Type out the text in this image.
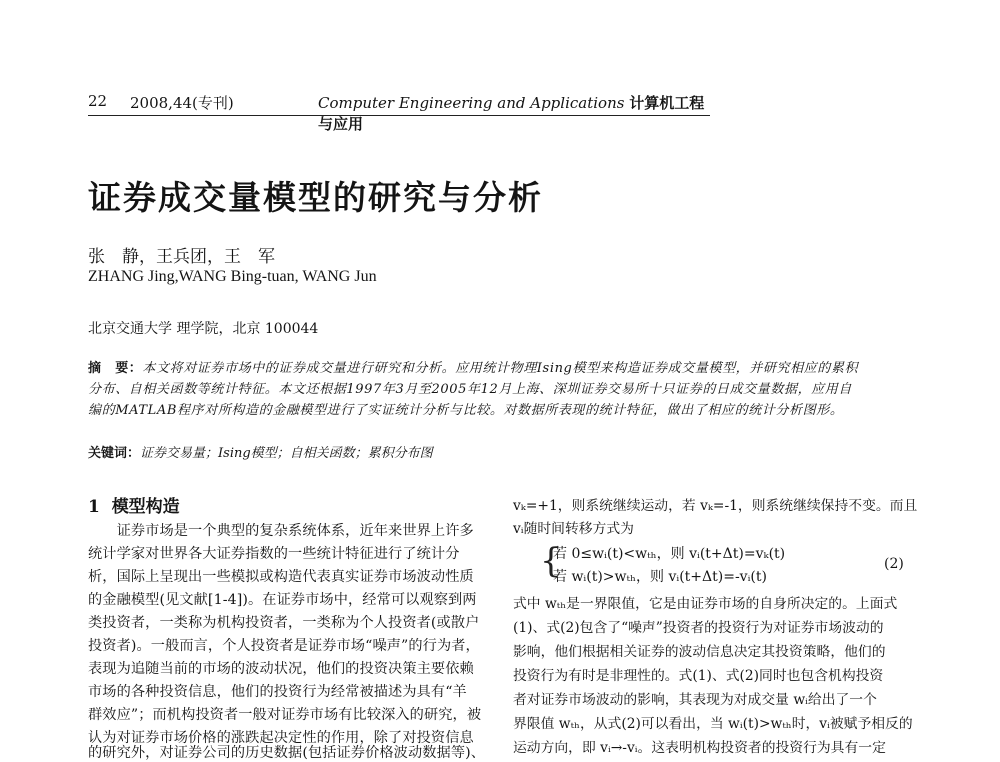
22 2008,44(专刊)	Computer Engineering and Applications 计算机工程与应用
证券成交量模型的研究与分析
张　静，王兵团，王　军
ZHANG Jing,WANG Bing-tuan, WANG Jun
北京交通大学 理学院，北京 100044
摘　要：本文将对证券市场中的证券成交量进行研究和分析。应用统计物理Ising模型来构造证券成交量模型，并研究相应的累积
分布、自相关函数等统计特征。本文还根据1997年3月至2005年12月上海、深圳证券交易所十只证券的日成交量数据，应用自
编的MATLAB程序对所构造的金融模型进行了实证统计分析与比较。对数据所表现的统计特征，做出了相应的统计分析图形。
关键词：证券交易量；Ising模型；自相关函数；累积分布图
1 模型构造
　　证券市场是一个典型的复杂系统体系，近年来世界上许多
统计学家对世界各大证券指数的一些统计特征进行了统计分
析，国际上呈现出一些模拟或构造代表真实证券市场波动性质
的金融模型(见文献[1-4])。在证券市场中，经常可以观察到两
类投资者，一类称为机构投资者，一类称为个人投资者(或散户
投资者)。一般而言，个人投资者是证券市场“噪声”的行为者，
表现为追随当前的市场的波动状况，他们的投资决策主要依赖
市场的各种投资信息，他们的投资行为经常被描述为具有“羊
群效应”；而机构投资者一般对证券市场有比较深入的研究，被
认为对证券市场价格的涨跌起决定性的作用，除了对投资信息
的研究外，对证券公司的历史数据(包括证券价格波动数据等)、
vₖ=+1，则系统继续运动，若 vₖ=-1，则系统继续保持不变。而且
vᵢ随时间转移方式为
{
若 0≤wᵢ(t)<wₜₕ，则 vᵢ(t+Δt)=vₖ(t)
若 wᵢ(t)>wₜₕ，则 vᵢ(t+Δt)=-vᵢ(t)
(2)
式中 wₜₕ是一界限值，它是由证券市场的自身所决定的。上面式
(1)、式(2)包含了“噪声”投资者的投资行为对证券市场波动的
影响，他们根据相关证券的波动信息决定其投资策略，他们的
投资行为有时是非理性的。式(1)、式(2)同时也包含机构投资
者对证券市场波动的影响，其表现为对成交量 wᵢ给出了一个
界限值 wₜₕ，从式(2)可以看出，当 wᵢ(t)>wₜₕ时，vᵢ被赋予相反的
运动方向，即 vᵢ→-vᵢ。这表明机构投资者的投资行为具有一定
